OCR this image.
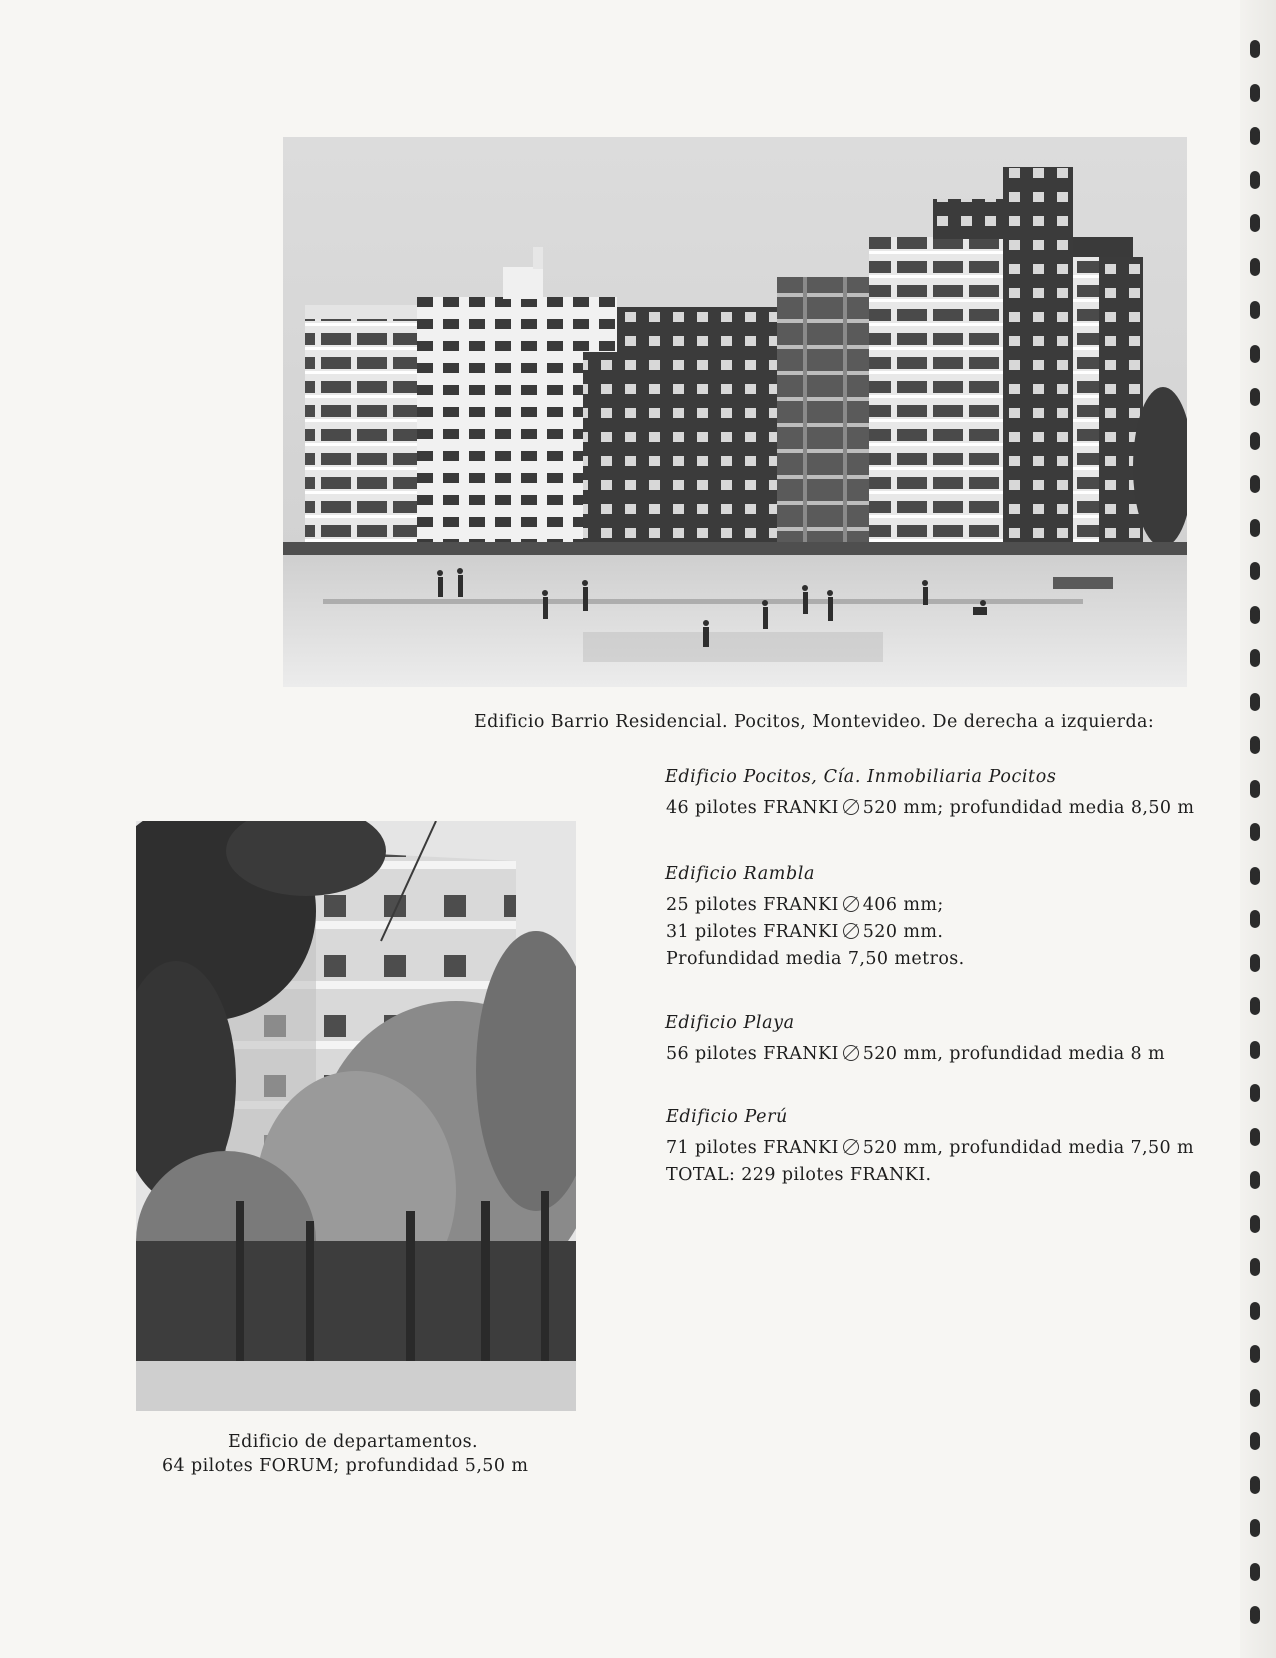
Edificio Barrio Residencial. Pocitos, Montevideo. De derecha a izquierda:
Edificio Pocitos, Cía. Inmobiliaria Pocitos
46 pilotes FRANKI 520 mm; profundidad media 8,50 m
Edificio Rambla
25 pilotes FRANKI 406 mm;
31 pilotes FRANKI 520 mm.
Profundidad media 7,50 metros.
Edificio Playa
56 pilotes FRANKI 520 mm, profundidad media 8 m
Edificio Perú
71 pilotes FRANKI 520 mm, profundidad media 7,50 m
TOTAL: 229 pilotes FRANKI.
Edificio de departamentos.
64 pilotes FORUM; profundidad 5,50 m
